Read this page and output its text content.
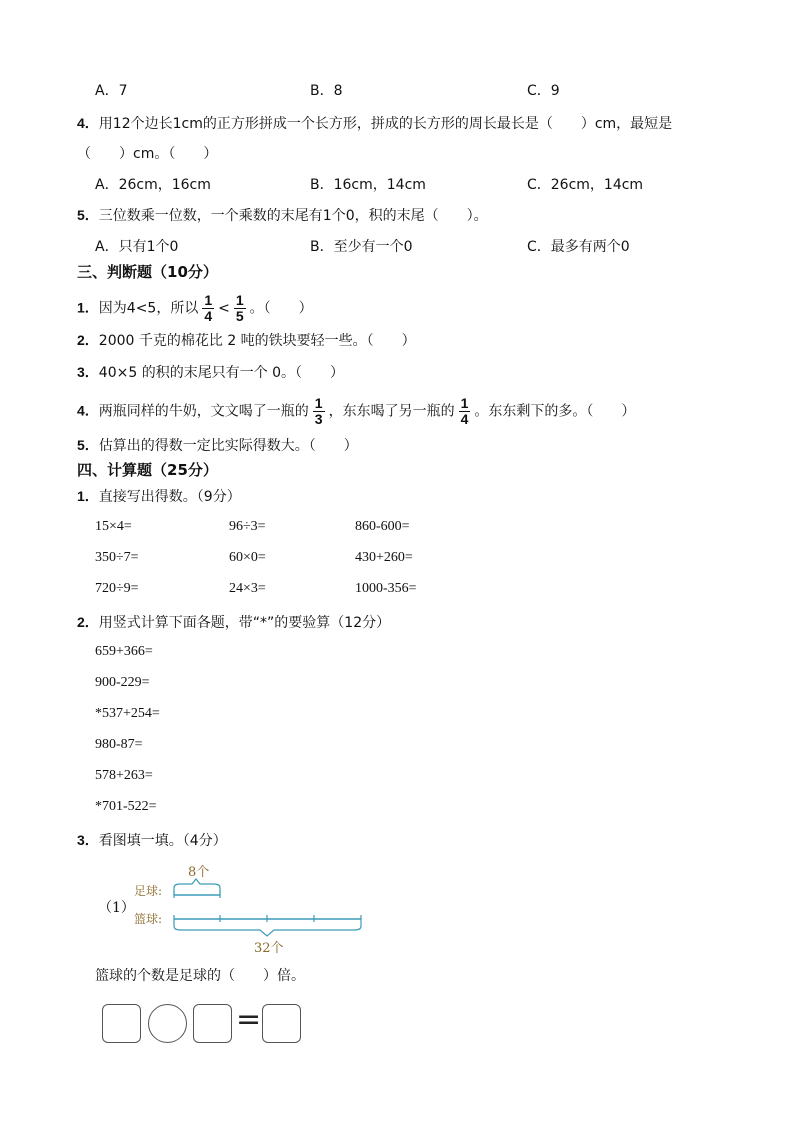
A．7	B．8	C．9
4．用12个边长1cm的正方形拼成一个长方形，拼成的长方形的周长最长是（　　）cm，最短是
（　　）cm。（　　）
A．26cm，16cm	B．16cm，14cm	C．26cm，14cm
5．三位数乘一位数，一个乘数的末尾有1个0，积的末尾（　　）。
A．只有1个0	B．至少有一个0	C．最多有两个0
三、判断题（10分）
1．因为4<5，所以 $\frac{1}{4} < \frac{1}{5}$ 。（　　）
2．2000 千克的棉花比 2 吨的铁块要轻一些。（　　）
3．40×5 的积的末尾只有一个 0。（　　）
4．两瓶同样的牛奶，文文喝了一瓶的 $\frac{1}{3}$ ，东东喝了另一瓶的 $\frac{1}{4}$ 。东东剩下的多。（　　）
5．估算出的得数一定比实际得数大。（　　）
四、计算题（25分）
1．直接写出得数。（9分）
15×4=	96÷3=	860-600=
350÷7=	60×0=	430+260=
720÷9=	24×3=	1000-356=
2．用竖式计算下面各题，带“*”的要验算（12分）
659+366=
900-229=
*537+254=
980-87=
578+263=
*701-522=
3．看图填一填。（4分）
（1）
8个
足球:
篮球:
32个
篮球的个数是足球的（　　）倍。
=
